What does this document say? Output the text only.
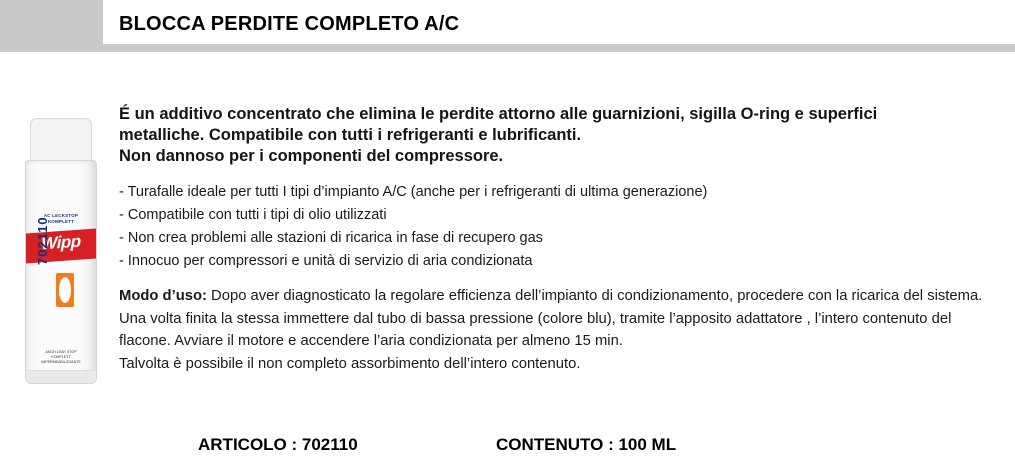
BLOCCA PERDITE COMPLETO A/C
AC LECKSTOP
KOMPLETT
Wipp
702110
ANCH LEAK STOP
KOMPLETT
IMPERMEABILIZZANTE

É un additivo concentrato che elimina le perdite attorno alle guarnizioni, sigilla O-ring e superfici
metalliche. Compatibile con tutti i refrigeranti e lubrificanti.
Non dannoso per i componenti del compressore.

- Turafalle ideale per tutti I tipi d’impianto A/C (anche per i refrigeranti di ultima generazione)
- Compatibile con tutti i tipi di olio utilizzati
- Non crea problemi alle stazioni di ricarica in fase di recupero gas
- Innocuo per compressori e unità di servizio di aria condizionata

Modo d’uso: Dopo aver diagnosticato la regolare efficienza dell’impianto di condizionamento, procedere con la ricarica del sistema. Una volta finita la stessa immettere dal tubo di bassa pressione (colore blu), tramite l’apposito adattatore , l’intero contenuto del flacone. Avviare il motore e accendere l’aria condizionata per almeno 15 min.
Talvolta è possibile il non completo assorbimento dell’intero contenuto.

ARTICOLO : 702110	CONTENUTO : 100 ML
